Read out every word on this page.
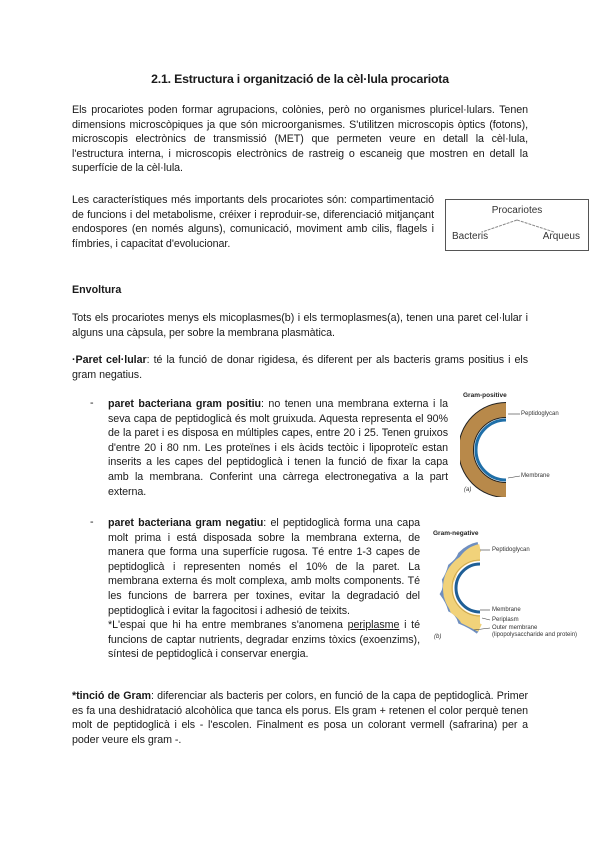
2.1. Estructura i organització de la cèl·lula procariota
Els procariotes poden formar agrupacions, colònies, però no organismes pluricel·lulars. Tenen dimensions microscòpiques ja que són microorganismes. S'utilitzen microscopis òptics (fotons), microscopis electrònics de transmissió (MET) que permeten veure en detall la cèl·lula, l'estructura interna, i microscopis electrònics de rastreig o escaneig que mostren en detall la superfície de la cèl·lula.
Les característiques més importants dels procariotes són: compartimentació de funcions i del metabolisme, créixer i reproduir-se, diferenciació mitjançant endospores (en només alguns), comunicació, moviment amb cilis, flagels i fímbries, i capacitat d'evolucionar.
Procariotes
Bacteris	Arqueus
Envoltura
Tots els procariotes menys els micoplasmes(b) i els termoplasmes(a), tenen una paret cel·lular i alguns una càpsula, per sobre la membrana plasmàtica.
·Paret cel·lular: té la funció de donar rigidesa, és diferent per als bacteris grams positius i els gram negatius.
- paret bacteriana gram positiu: no tenen una membrana externa i la seva capa de peptidoglicà és molt gruixuda. Aquesta representa el 90% de la paret i es disposa en múltiples capes, entre 20 i 25. Tenen gruixos d'entre 20 i 80 nm. Les proteïnes i els àcids tectòic i lipoproteïc estan inserits a les capes del peptidoglicà i tenen la funció de fixar la capa amb la membrana. Conferint una càrrega electronegativa a la part externa.
Gram-positive
Peptidoglycan
Membrane
(a)
- paret bacteriana gram negatiu: el peptidoglicà forma una capa molt prima i está disposada sobre la membrana externa, de manera que forma una superfície rugosa. Té entre 1-3 capes de peptidoglicà i representen només el 10% de la paret. La membrana externa és molt complexa, amb molts components. Té les funcions de barrera per toxines, evitar la degradació del peptidoglicà i evitar la fagocitosi i adhesió de teixits.
*L'espai que hi ha entre membranes s'anomena periplasme i té funcions de captar nutrients, degradar enzims tòxics (exoenzims), síntesi de peptidoglicà i conservar energia.
Gram-negative
Peptidoglycan
Membrane
Periplasm
Outer membrane
(lipopolysaccharide and protein)
(b)
*tinció de Gram: diferenciar als bacteris per colors, en funció de la capa de peptidoglicà. Primer es fa una deshidratació alcohòlica que tanca els porus. Els gram + retenen el color perquè tenen molt de peptidoglicà i els - l'escolen. Finalment es posa un colorant vermell (safrarina) per a poder veure els gram -.
